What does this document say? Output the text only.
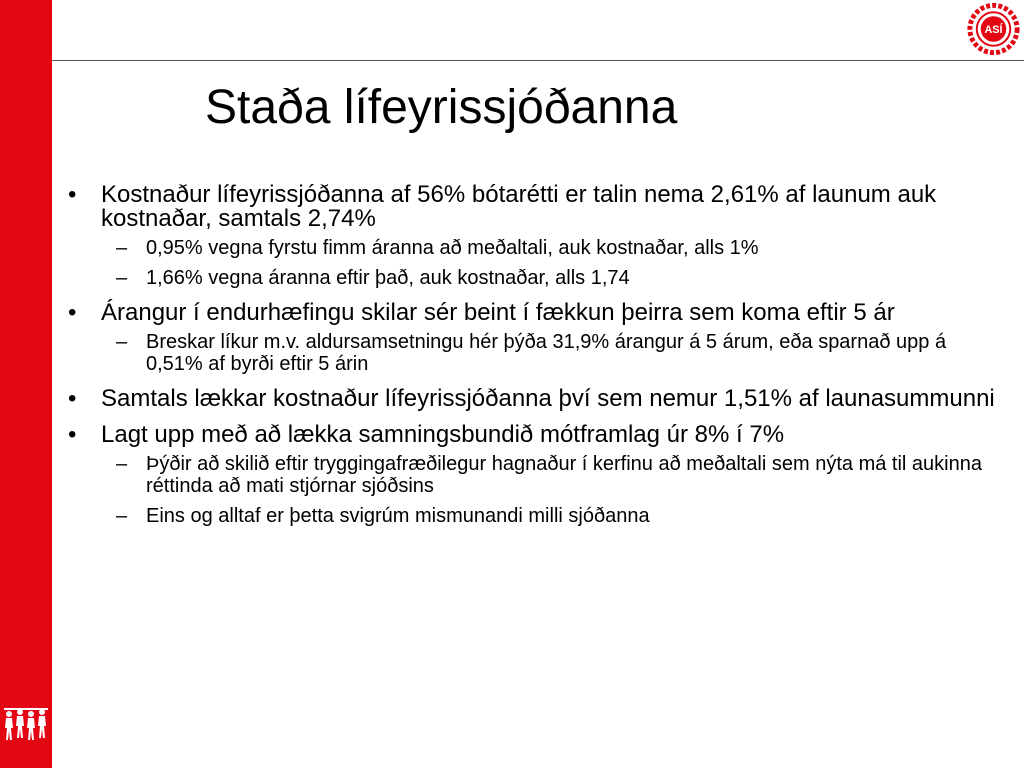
ASÍ
Staða lífeyrissjóðanna
• Kostnaður lífeyrissjóðanna af 56% bótarétti er talin nema 2,61% af launum auk kostnaðar, samtals 2,74%
– 0,95% vegna fyrstu fimm áranna að meðaltali, auk kostnaðar, alls 1%
– 1,66% vegna áranna eftir það, auk kostnaðar, alls 1,74
• Árangur í endurhæfingu skilar sér beint í fækkun þeirra sem koma eftir 5 ár
– Breskar líkur m.v. aldursamsetningu hér þýða 31,9% árangur á 5 árum, eða sparnað upp á 0,51% af byrði eftir 5 árin
• Samtals lækkar kostnaður lífeyrissjóðanna því sem nemur 1,51% af launasummunni
• Lagt upp með að lækka samningsbundið mótframlag úr 8% í 7%
– Þýðir að skilið eftir tryggingafræðilegur hagnaður í kerfinu að meðaltali sem nýta má til aukinna réttinda að mati stjórnar sjóðsins
– Eins og alltaf er þetta svigrúm mismunandi milli sjóðanna
